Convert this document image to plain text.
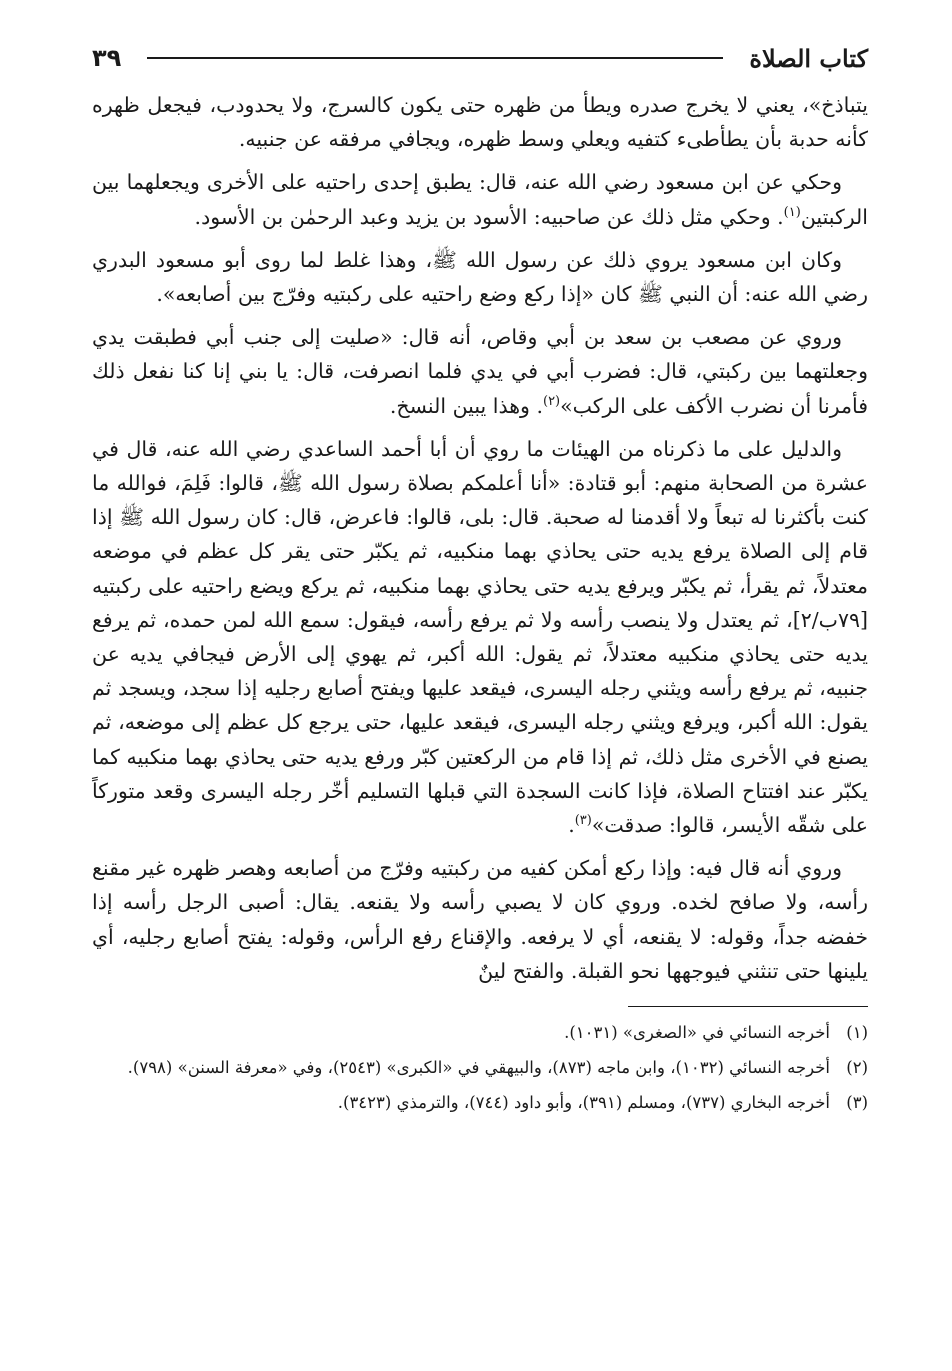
كتاب الصلاة
٣٩

يتباذخ»، يعني لا يخرج صدره ويطأ من ظهره حتى يكون كالسرج، ولا يحدودب، فيجعل ظهره كأنه حدبة بأن يطأطىء كتفيه ويعلي وسط ظهره، ويجافي مرفقه عن جنبيه.

وحكي عن ابن مسعود رضي الله عنه، قال: يطبق إحدى راحتيه على الأخرى ويجعلهما بين الركبتين$^{(١)}$. وحكي مثل ذلك عن صاحبيه: الأسود بن يزيد وعبد الرحمٰن بن الأسود.

وكان ابن مسعود يروي ذلك عن رسول الله ﷺ، وهذا غلط لما روى أبو مسعود البدري رضي الله عنه: أن النبي ﷺ كان «إذا ركع وضع راحتيه على ركبتيه وفرّج بين أصابعه».

وروي عن مصعب بن سعد بن أبي وقاص، أنه قال: «صليت إلى جنب أبي فطبقت يدي وجعلتهما بين ركبتي، قال: فضرب أبي في يدي فلما انصرفت، قال: يا بني إنا كنا نفعل ذلك فأمرنا أن نضرب الأكف على الركب»$^{(٢)}$. وهذا يبين النسخ.

والدليل على ما ذكرناه من الهيئات ما روي أن أبا أحمد الساعدي رضي الله عنه، قال في عشرة من الصحابة منهم: أبو قتادة: «أنا أعلمكم بصلاة رسول الله ﷺ، قالوا: فَلِمَ، فوالله ما كنت بأكثرنا له تبعاً ولا أقدمنا له صحبة. قال: بلى، قالوا: فاعرض، قال: كان رسول الله ﷺ إذا قام إلى الصلاة يرفع يديه حتى يحاذي بهما منكبيه، ثم يكبّر حتى يقر كل عظم في موضعه معتدلاً، ثم يقرأ، ثم يكبّر ويرفع يديه حتى يحاذي بهما منكبيه، ثم يركع ويضع راحتيه على ركبتيه [٧٩ب/٢]، ثم يعتدل ولا ينصب رأسه ولا ثم يرفع رأسه، فيقول: سمع الله لمن حمده، ثم يرفع يديه حتى يحاذي منكبيه معتدلاً، ثم يقول: الله أكبر، ثم يهوي إلى الأرض فيجافي يديه عن جنبيه، ثم يرفع رأسه ويثني رجله اليسرى، فيقعد عليها ويفتح أصابع رجليه إذا سجد، ويسجد ثم يقول: الله أكبر، ويرفع ويثني رجله اليسرى، فيقعد عليها، حتى يرجع كل عظم إلى موضعه، ثم يصنع في الأخرى مثل ذلك، ثم إذا قام من الركعتين كبّر ورفع يديه حتى يحاذي بهما منكبيه كما يكبّر عند افتتاح الصلاة، فإذا كانت السجدة التي قبلها التسليم أخّر رجله اليسرى وقعد متوركاً على شقّه الأيسر، قالوا: صدقت»$^{(٣)}$.

وروي أنه قال فيه: وإذا ركع أمكن كفيه من ركبتيه وفرّج من أصابعه وهصر ظهره غير مقنع رأسه، ولا صافح لخده. وروي كان لا يصبي رأسه ولا يقنعه. يقال: أصبى الرجل رأسه إذا خفضه جداً، وقوله: لا يقنعه، أي لا يرفعه. والإقناع رفع الرأس، وقوله: يفتح أصابع رجليه، أي يلينها حتى تنثني فيوجهها نحو القبلة. والفتح لينٌ

(١)
أخرجه النسائي في «الصغرى» (١٠٣١).
(٢)
أخرجه النسائي (١٠٣٢)، وابن ماجه (٨٧٣)، والبيهقي في «الكبرى» (٢٥٤٣)، وفي «معرفة السنن» (٧٩٨).
(٣)
أخرجه البخاري (٧٣٧)، ومسلم (٣٩١)، وأبو داود (٧٤٤)، والترمذي (٣٤٢٣).
